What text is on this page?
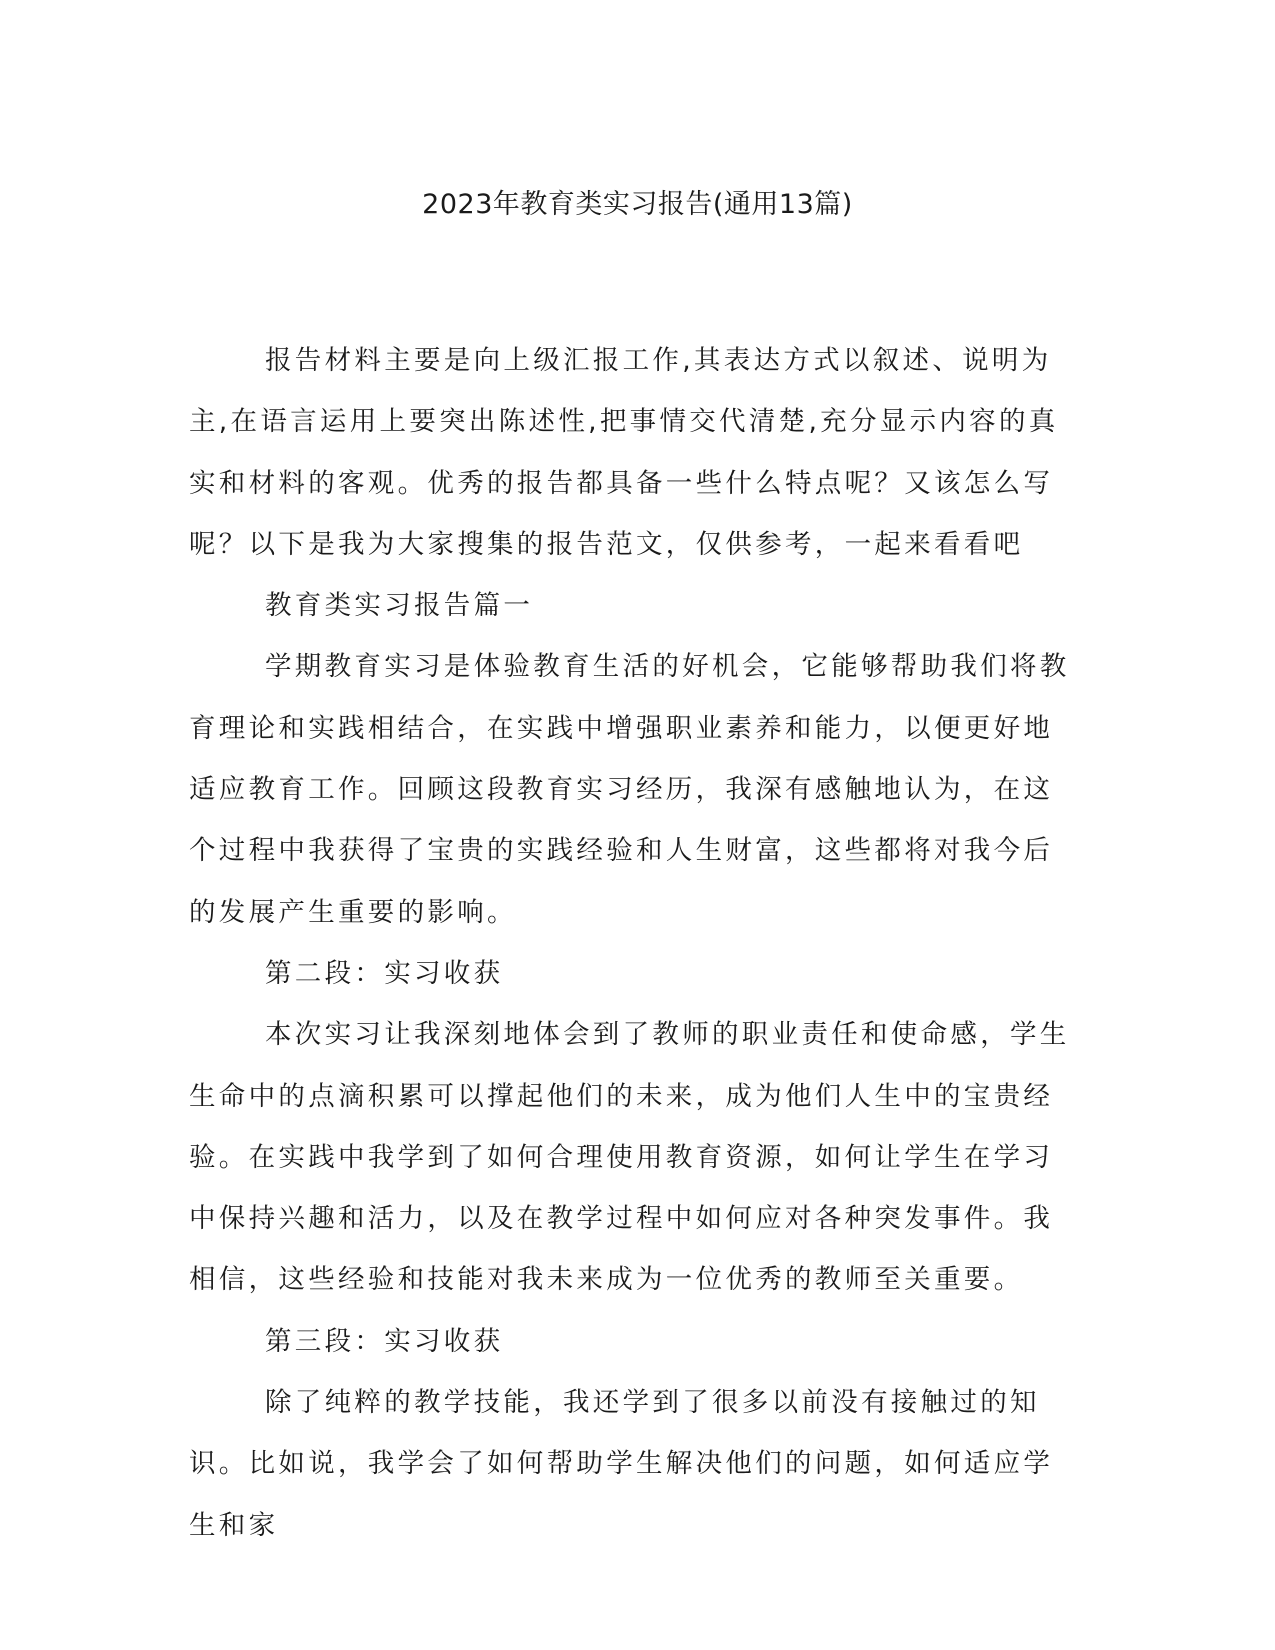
2023年教育类实习报告(通用13篇)

报告材料主要是向上级汇报工作,其表达方式以叙述、说明为主,在语言运用上要突出陈述性,把事情交代清楚,充分显示内容的真实和材料的客观。优秀的报告都具备一些什么特点呢？又该怎么写呢？以下是我为大家搜集的报告范文，仅供参考，一起来看看吧

教育类实习报告篇一

学期教育实习是体验教育生活的好机会，它能够帮助我们将教育理论和实践相结合，在实践中增强职业素养和能力，以便更好地适应教育工作。回顾这段教育实习经历，我深有感触地认为，在这个过程中我获得了宝贵的实践经验和人生财富，这些都将对我今后的发展产生重要的影响。

第二段：实习收获

本次实习让我深刻地体会到了教师的职业责任和使命感，学生生命中的点滴积累可以撑起他们的未来，成为他们人生中的宝贵经验。在实践中我学到了如何合理使用教育资源，如何让学生在学习中保持兴趣和活力，以及在教学过程中如何应对各种突发事件。我相信，这些经验和技能对我未来成为一位优秀的教师至关重要。

第三段：实习收获

除了纯粹的教学技能，我还学到了很多以前没有接触过的知识。比如说，我学会了如何帮助学生解决他们的问题，如何适应学生和家
